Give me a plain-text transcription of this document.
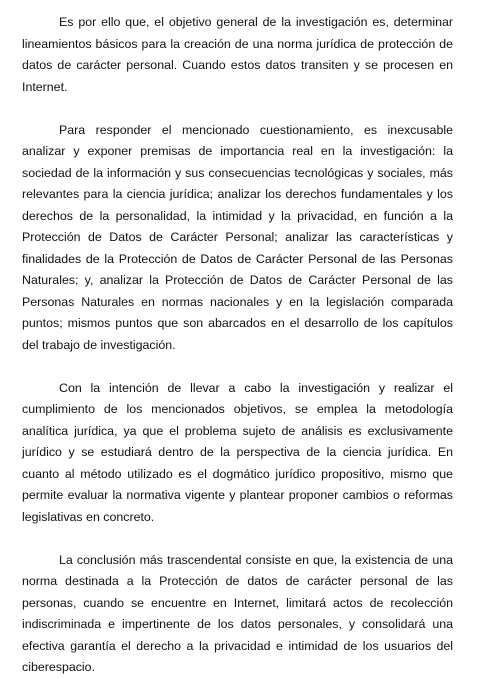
Es por ello que, el objetivo general de la investigación es, determinar lineamientos básicos para la creación de una norma jurídica de protección de datos de carácter personal. Cuando estos datos transiten y se procesen en Internet.

Para responder el mencionado cuestionamiento, es inexcusable analizar y exponer premisas de importancia real en la investigación: la sociedad de la información y sus consecuencias tecnológicas y sociales, más relevantes para la ciencia jurídica; analizar los derechos fundamentales y los derechos de la personalidad, la intimidad y la privacidad, en función a la Protección de Datos de Carácter Personal; analizar las características y finalidades de la Protección de Datos de Carácter Personal de las Personas Naturales; y, analizar la Protección de Datos de Carácter Personal de las Personas Naturales en normas nacionales y en la legislación comparada puntos; mismos puntos que son abarcados en el desarrollo de los capítulos del trabajo de investigación.

Con la intención de llevar a cabo la investigación y realizar el cumplimiento de los mencionados objetivos, se emplea la metodología analítica jurídica, ya que el problema sujeto de análisis es exclusivamente jurídico y se estudiará dentro de la perspectiva de la ciencia jurídica. En cuanto al método utilizado es el dogmático jurídico propositivo, mismo que permite evaluar la normativa vigente y plantear proponer cambios o reformas legislativas en concreto.

La conclusión más trascendental consiste en que, la existencia de una norma destinada a la Protección de datos de carácter personal de las personas, cuando se encuentre en Internet, limitará actos de recolección indiscriminada e impertinente de los datos personales, y consolidará una efectiva garantía el derecho a la privacidad e intimidad de los usuarios del ciberespacio.
